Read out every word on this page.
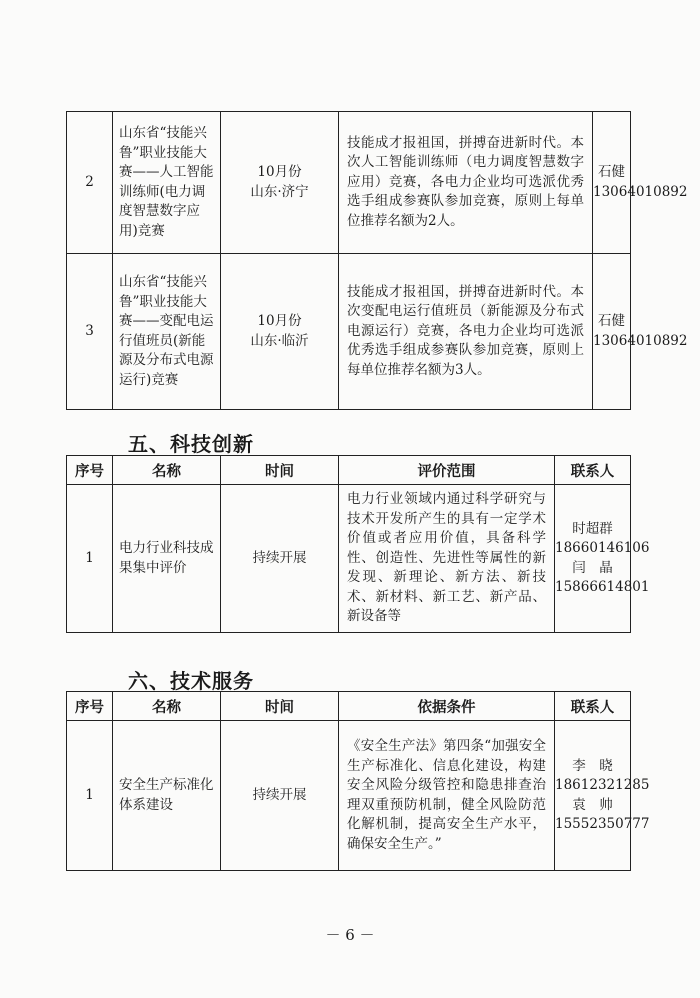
2	山东省“技能兴鲁”职业技能大赛——人工智能训练师(电力调度智慧数字应用)竞赛	10月份
山东·济宁	技能成才报祖国，拼搏奋进新时代。本次人工智能训练师（电力调度智慧数字应用）竞赛，各电力企业均可选派优秀选手组成参赛队参加竞赛，原则上每单位推荐名额为2人。	石健
13064010892

3	山东省“技能兴鲁”职业技能大赛——变配电运行值班员(新能源及分布式电源运行)竞赛	10月份
山东·临沂	技能成才报祖国，拼搏奋进新时代。本次变配电运行值班员（新能源及分布式电源运行）竞赛，各电力企业均可选派优秀选手组成参赛队参加竞赛，原则上每单位推荐名额为3人。	石健
13064010892
五、科技创新
序号	名称	时间	评价范围	联系人
1	电力行业科技成果集中评价	持续开展	电力行业领域内通过科学研究与技术开发所产生的具有一定学术价值或者应用价值，具备科学性、创造性、先进性等属性的新发现、新理论、新方法、新技术、新材料、新工艺、新产品、新设备等	时超群
18660146106
闫　晶
15866614801
六、技术服务
序号	名称	时间	依据条件	联系人
1	安全生产标准化体系建设	持续开展	《安全生产法》第四条“加强安全生产标准化、信息化建设，构建安全风险分级管控和隐患排查治理双重预防机制，健全风险防范化解机制，提高安全生产水平，确保安全生产。”	李　晓
18612321285
袁　帅
15552350777
－ 6 －
